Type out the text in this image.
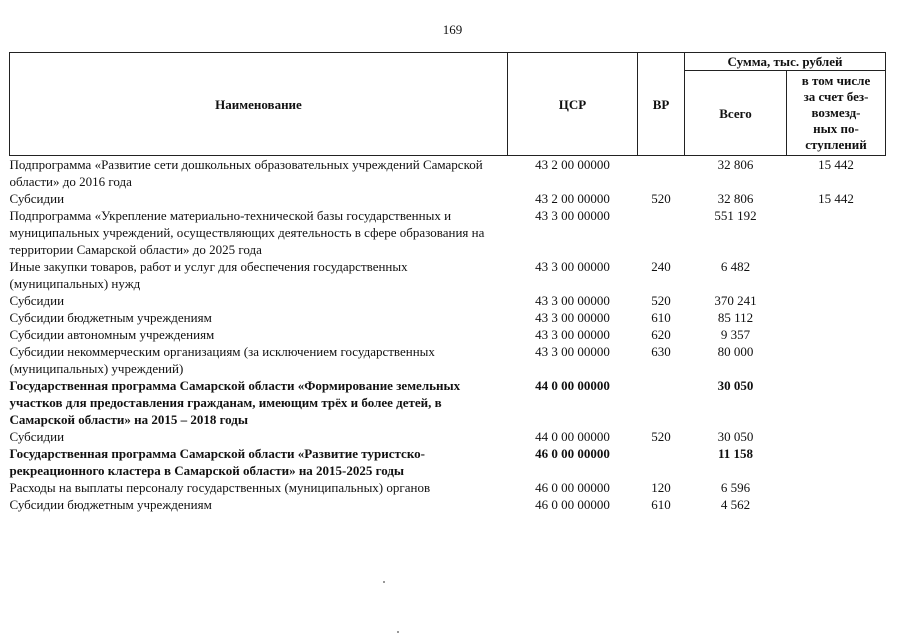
169
Наименование	ЦСР	ВР	Сумма, тыс. рублей	
			Всего	в том числе
за счет без-
возмезд-
ных по-
ступлений

Подпрограмма «Развитие сети дошкольных образовательных учреждений Самарской области» до 2016 года	43 2 00 00000		32 806	15 442
Субсидии	43 2 00 00000	520	32 806	15 442
Подпрограмма «Укрепление материально-технической базы государственных и муниципальных учреждений, осуществляющих деятельность в сфере образования на территории Самарской области» до 2025 года	43 3 00 00000		551 192	
Иные закупки товаров, работ и услуг для обеспечения государственных (муниципальных) нужд	43 3 00 00000	240	6 482	
Субсидии	43 3 00 00000	520	370 241	
Субсидии бюджетным учреждениям	43 3 00 00000	610	85 112	
Субсидии автономным учреждениям	43 3 00 00000	620	9 357	
Субсидии некоммерческим организациям (за исключением государственных (муниципальных) учреждений)	43 3 00 00000	630	80 000	
Государственная программа Самарской области «Формирование земельных участков для предоставления гражданам, имеющим трёх и более детей, в Самарской области» на 2015 – 2018 годы	44 0 00 00000		30 050	
Субсидии	44 0 00 00000	520	30 050	
Государственная программа Самарской области «Развитие туристско-рекреационного кластера в Самарской области» на 2015-2025 годы	46 0 00 00000		11 158	
Расходы на выплаты персоналу государственных (муниципальных) органов	46 0 00 00000	120	6 596	
Субсидии бюджетным учреждениям	46 0 00 00000	610	4 562	
